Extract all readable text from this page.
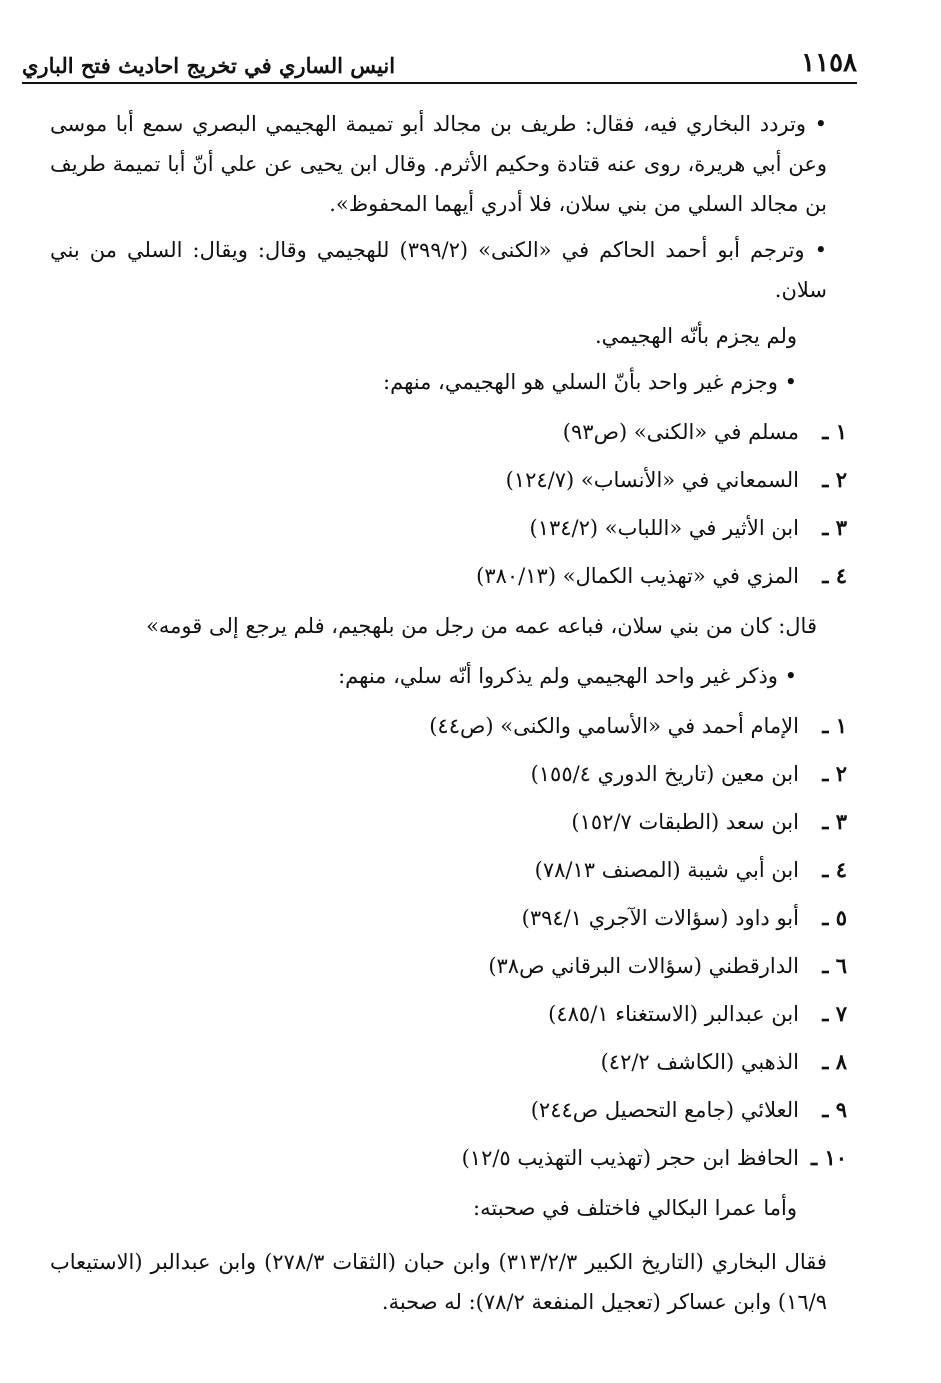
١١٥٨
انيس الساري في تخريج احاديث فتح الباري

• وتردد البخاري فيه، فقال: طريف بن مجالد أبو تميمة الهجيمي البصري سمع أبا موسى وعن أبي هريرة، روى عنه قتادة وحكيم الأثرم. وقال ابن يحيى عن علي أنّ أبا تميمة طريف بن مجالد السلي من بني سلان، فلا أدري أيهما المحفوظ».

• وترجم أبو أحمد الحاكم في «الكنى» (٣٩٩/٢) للهجيمي وقال: ويقال: السلي من بني سلان.

ولم يجزم بأنّه الهجيمي.

• وجزم غير واحد بأنّ السلي هو الهجيمي، منهم:

١ ـ
مسلم في «الكنى» (ص٩٣)
٢ ـ
السمعاني في «الأنساب» (١٢٤/٧)
٣ ـ
ابن الأثير في «اللباب» (١٣٤/٢)
٤ ـ
المزي في «تهذيب الكمال» (٣٨٠/١٣)

قال: كان من بني سلان، فباعه عمه من رجل من بلهجيم، فلم يرجع إلى قومه»

• وذكر غير واحد الهجيمي ولم يذكروا أنّه سلي، منهم:

١ ـ
الإمام أحمد في «الأسامي والكنى» (ص٤٤)
٢ ـ
ابن معين (تاريخ الدوري ١٥٥/٤)
٣ ـ
ابن سعد (الطبقات ١٥٢/٧)
٤ ـ
ابن أبي شيبة (المصنف ٧٨/١٣)
٥ ـ
أبو داود (سؤالات الآجري ٣٩٤/١)
٦ ـ
الدارقطني (سؤالات البرقاني ص٣٨)
٧ ـ
ابن عبدالبر (الاستغناء ٤٨٥/١)
٨ ـ
الذهبي (الكاشف ٤٢/٢)
٩ ـ
العلائي (جامع التحصيل ص٢٤٤)
١٠ ـ
الحافظ ابن حجر (تهذيب التهذيب ١٢/٥)

وأما عمرا البكالي فاختلف في صحبته:

فقال البخاري (التاريخ الكبير ٣١٣/٢/٣) وابن حبان (الثقات ٢٧٨/٣) وابن عبدالبر (الاستيعاب ١٦/٩) وابن عساكر (تعجيل المنفعة ٧٨/٢): له صحبة.
